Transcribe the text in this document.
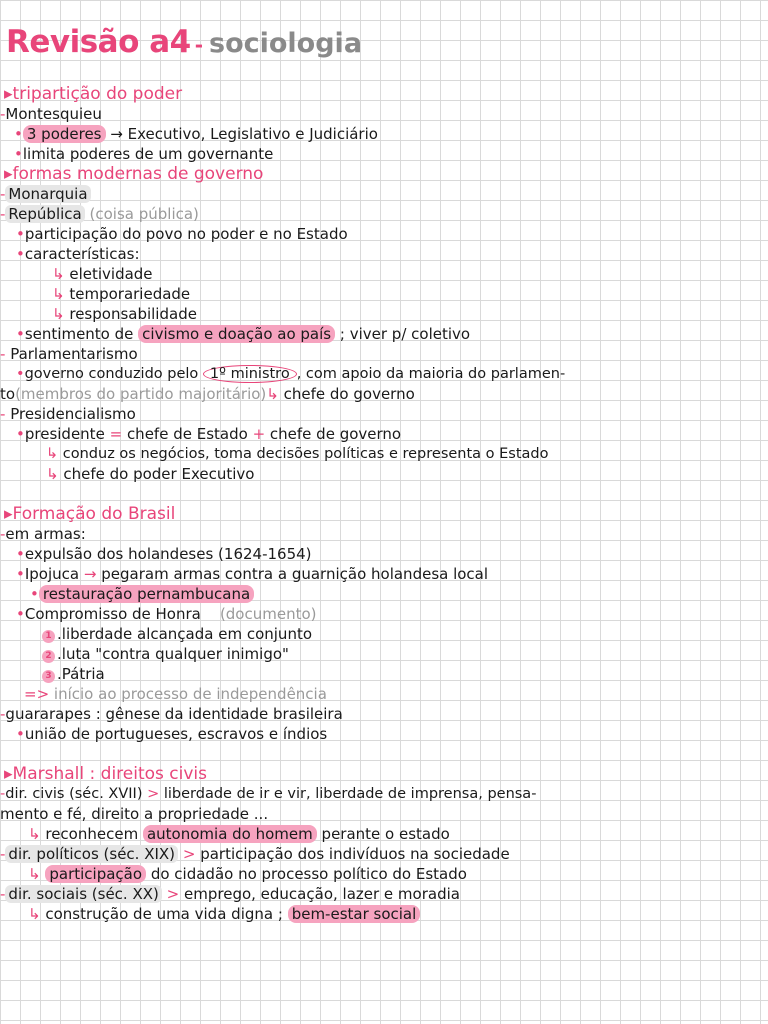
Revisão a4 - sociologia
▸tripartição do poder
-Montesquieu
• 3 poderes → Executivo, Legislativo e Judiciário
•limita poderes de um governante
▸formas modernas de governo
- Monarquia
- República (coisa pública)
•participação do povo no poder e no Estado
•características:
↳ eletividade
↳ temporariedade
↳ responsabilidade
•sentimento de civismo e doação ao país ; viver p/ coletivo
- Parlamentarismo
•governo conduzido pelo 1º ministro , com apoio da maioria do parlamen-
to(membros do partido majoritário)↳ chefe do governo
- Presidencialismo
•presidente = chefe de Estado + chefe de governo
↳ conduz os negócios, toma decisões políticas e representa o Estado
↳ chefe do poder Executivo
▸Formação do Brasil
-em armas:
•expulsão dos holandeses (1624-1654)
•Ipojuca → pegaram armas contra a guarnição holandesa local
• restauração pernambucana
•Compromisso de Honra (documento)
1 .liberdade alcançada em conjunto
2 .luta "contra qualquer inimigo"
3 .Pátria
=> início ao processo de independência
-guararapes : gênese da identidade brasileira
•união de portugueses, escravos e índios
▸Marshall : direitos civis
-dir. civis (séc. XVII) > liberdade de ir e vir, liberdade de imprensa, pensa-
mento e fé, direito a propriedade ...
↳ reconhecem autonomia do homem perante o estado
- dir. políticos (séc. XIX) > participação dos indivíduos na sociedade
↳ participação do cidadão no processo político do Estado
- dir. sociais (séc. XX) > emprego, educação, lazer e moradia
↳ construção de uma vida digna ; bem-estar social
